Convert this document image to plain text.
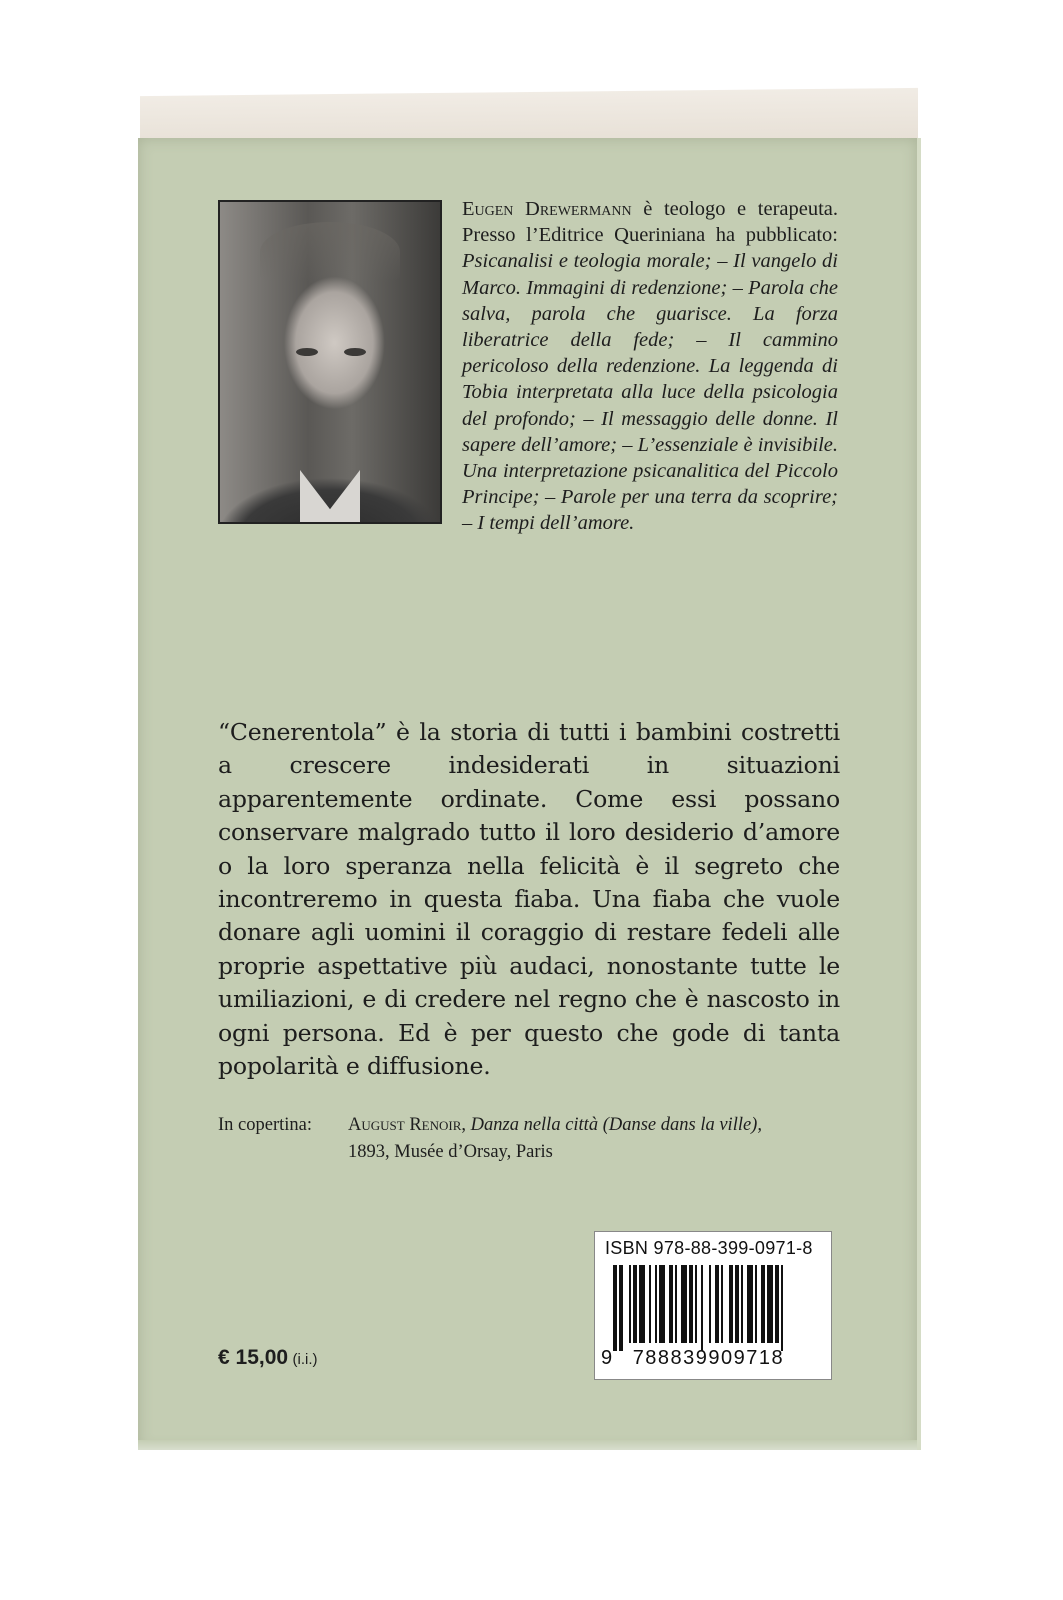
Eugen Drewermann è teologo e terapeuta. Presso l’Editrice Queriniana ha pubblicato: Psicanalisi e teologia morale; – Il vangelo di Marco. Immagini di redenzione; – Parola che salva, parola che guarisce. La forza liberatrice della fede; – Il cammino pericoloso della redenzione. La leggenda di Tobia interpretata alla luce della psicologia del profondo; – Il messaggio delle donne. Il sapere dell’amore; – L’essenziale è invisibile. Una interpretazione psicanalitica del Piccolo Principe; – Parole per una terra da scoprire; – I tempi dell’amore.
“Cenerentola” è la storia di tutti i bambini costretti a crescere indesiderati in situazioni apparentemente ordinate. Come essi possano conservare malgrado tutto il loro desiderio d’amore o la loro speranza nella felicità è il segreto che incontreremo in questa fiaba. Una fiaba che vuole donare agli uomini il coraggio di restare fedeli alle proprie aspettative più audaci, nonostante tutte le umiliazioni, e di credere nel regno che è nascosto in ogni persona. Ed è per questo che gode di tanta popolarità e diffusione.
In copertina: August Renoir, Danza nella città (Danse dans la ville),
1893, Musée d’Orsay, Paris
ISBN 978-88-399-0971-8
9 788839909718
€ 15,00 (i.i.)
